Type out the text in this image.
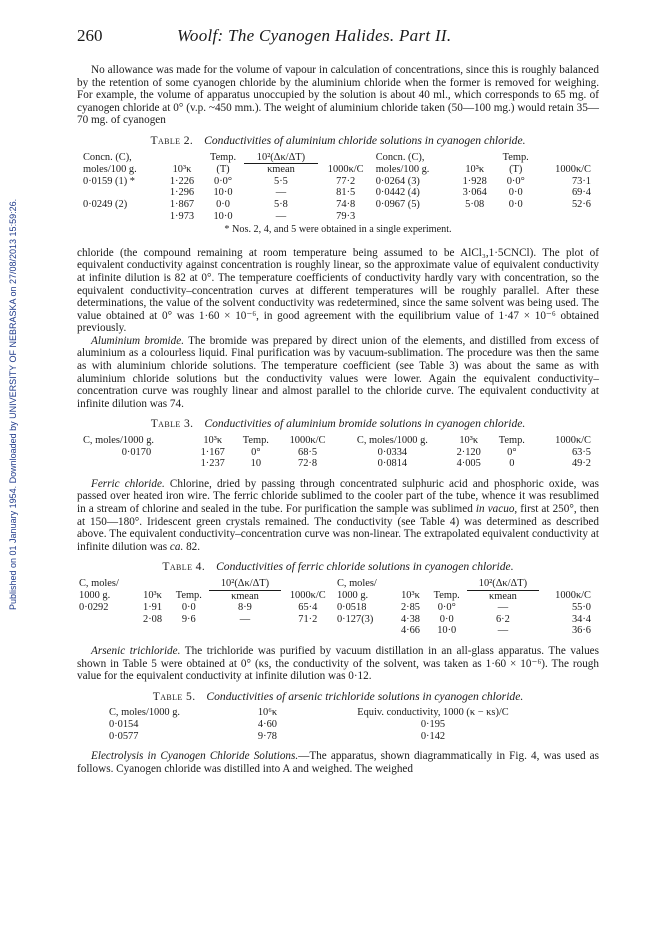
Published on 01 January 1954. Downloaded by UNIVERSITY OF NEBRASKA on 27/08/2013 15:59:26.
260	Woolf: The Cyanogen Halides. Part II.

No allowance was made for the volume of vapour in calculation of concentrations, since this is roughly balanced by the retention of some cyanogen chloride by the aluminium chloride when the former is removed for weighing. For example, the volume of apparatus unoccupied by the solution is about 40 ml., which corresponds to 65 mg. of cyanogen chloride at 0° (v.p. ~450 mm.). The weight of aluminium chloride taken (50—100 mg.) would retain 35—70 mg. of cyanogen

Table 2. Conductivities of aluminium chloride solutions in cyanogen chloride.
Concn. (C),		Temp.	10²(Δκ/ΔT)		Concn. (C),		Temp.	
moles/100 g.	10³κ	(T)	κmean	1000κ/C	moles/100 g.	10³κ	(T)	1000κ/C
0·0159 (1) *	1·226	0·0°	5·5	77·2	0·0264 (3)	1·928	0·0°	73·1
	1·296	10·0	—	81·5	0·0442 (4)	3·064	0·0	69·4
0·0249 (2)	1·867	0·0	5·8	74·8	0·0967 (5)	5·08	0·0	52·6
	1·973	10·0	—	79·3				
* Nos. 2, 4, and 5 were obtained in a single experiment.

chloride (the compound remaining at room temperature being assumed to be AlCl₃,1·5CNCl). The plot of equivalent conductivity against concentration is roughly linear, so the approximate value of equivalent conductivity at infinite dilution is 82 at 0°. The temperature coefficients of conductivity hardly vary with concentration, so the equivalent conductivity–concentration curves at different temperatures will be roughly parallel. After these determinations, the value of the solvent conductivity was redetermined, since the same solvent was being used. The value obtained at 0° was 1·60 × 10⁻⁶, in good agreement with the equilibrium value of 1·47 × 10⁻⁶ obtained previously.

Aluminium bromide. The bromide was prepared by direct union of the elements, and distilled from excess of aluminium as a colourless liquid. Final purification was by vacuum-sublimation. The procedure was then the same as with aluminium chloride solutions. The temperature coefficient (see Table 3) was about the same as with aluminium chloride solutions but the conductivity values were lower. Again the equivalent conductivity–concentration curve was roughly linear and almost parallel to the chloride curve. The equivalent conductivity at infinite dilution was 74.

Table 3. Conductivities of aluminium bromide solutions in cyanogen chloride.
C, moles/1000 g.	10³κ	Temp.	1000κ/C	C, moles/1000 g.	10³κ	Temp.	1000κ/C
0·0170	1·167	0°	68·5	0·0334	2·120	0°	63·5
	1·237	10	72·8	0·0814	4·005	0	49·2

Ferric chloride. Chlorine, dried by passing through concentrated sulphuric acid and phosphoric oxide, was passed over heated iron wire. The ferric chloride sublimed to the cooler part of the tube, whence it was resublimed in a stream of chlorine and sealed in the tube. For purification the sample was sublimed in vacuo, first at 250°, then at 150—180°. Iridescent green crystals remained. The conductivity (see Table 4) was determined as described above. The equivalent conductivity–concentration curve was non-linear. The extrapolated equivalent conductivity at infinite dilution was ca. 82.

Table 4. Conductivities of ferric chloride solutions in cyanogen chloride.
C, moles/			10²(Δκ/ΔT)		C, moles/			10²(Δκ/ΔT)	
1000 g.	10³κ	Temp.	κmean	1000κ/C	1000 g.	10³κ	Temp.	κmean	1000κ/C
0·0292	1·91	0·0	8·9	65·4	0·0518	2·85	0·0°	—	55·0
	2·08	9·6	—	71·2	0·127(3)	4·38	0·0	6·2	34·4
						4·66	10·0	—	36·6

Arsenic trichloride. The trichloride was purified by vacuum distillation in an all-glass apparatus. The values shown in Table 5 were obtained at 0° (κs, the conductivity of the solvent, was taken as 1·60 × 10⁻⁶). The rough value for the equivalent conductivity at infinite dilution was 0·12.

Table 5. Conductivities of arsenic trichloride solutions in cyanogen chloride.
C, moles/1000 g.	10⁶κ	Equiv. conductivity, 1000 (κ − κs)/C
0·0154	4·60	0·195
0·0577	9·78	0·142

Electrolysis in Cyanogen Chloride Solutions.—The apparatus, shown diagrammatically in Fig. 4, was used as follows. Cyanogen chloride was distilled into A and weighed. The weighed
